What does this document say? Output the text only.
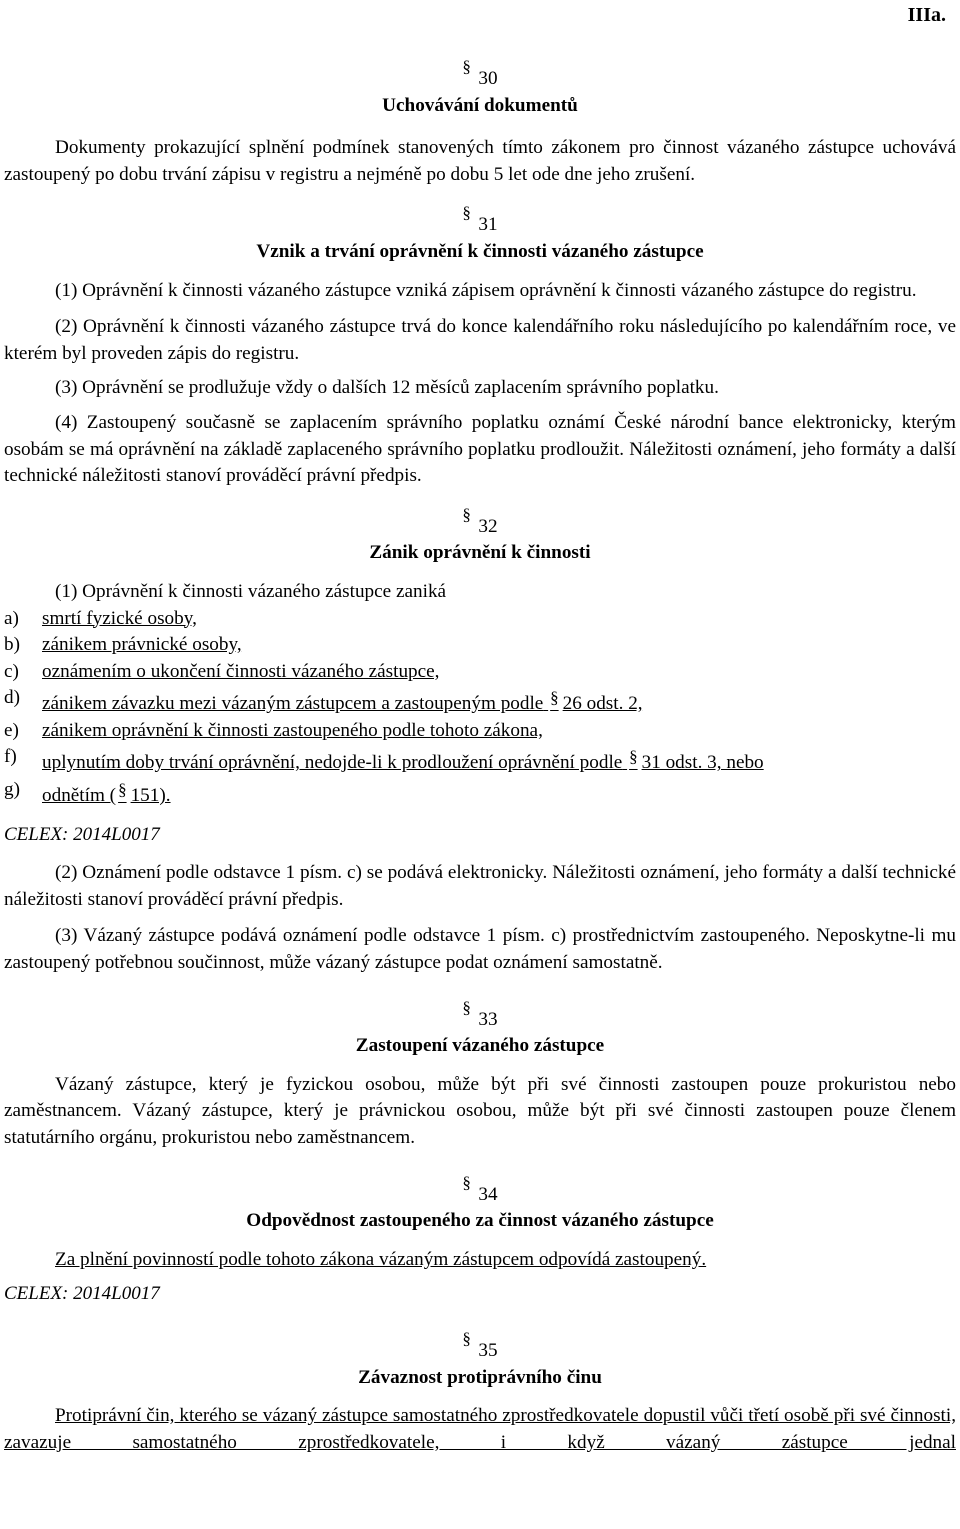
IIIa.
§ 30
Uchovávání dokumentů

Dokumenty prokazující splnění podmínek stanovených tímto zákonem pro činnost vázaného zástupce uchovává zastoupený po dobu trvání zápisu v registru a nejméně po dobu 5 let ode dne jeho zrušení.

§ 31
Vznik a trvání oprávnění k činnosti vázaného zástupce

(1) Oprávnění k činnosti vázaného zástupce vzniká zápisem oprávnění k činnosti vázaného zástupce do registru.

(2) Oprávnění k činnosti vázaného zástupce trvá do konce kalendářního roku následujícího po kalendářním roce, ve kterém byl proveden zápis do registru.

(3) Oprávnění se prodlužuje vždy o dalších 12 měsíců zaplacením správního poplatku.

(4) Zastoupený současně se zaplacením správního poplatku oznámí České národní bance elektronicky, kterým osobám se má oprávnění na základě zaplaceného správního poplatku prodloužit. Náležitosti oznámení, jeho formáty a další technické náležitosti stanoví prováděcí právní předpis.

§ 32
Zánik oprávnění k činnosti

(1) Oprávnění k činnosti vázaného zástupce zaniká

a) smrtí fyzické osoby,
b) zánikem právnické osoby,
c) oznámením o ukončení činnosti vázaného zástupce,
d) zánikem závazku mezi vázaným zástupcem a zastoupeným podle § 26 odst. 2,
e) zánikem oprávnění k činnosti zastoupeného podle tohoto zákona,
f) uplynutím doby trvání oprávnění, nedojde-li k prodloužení oprávnění podle § 31 odst. 3, nebo
g) odnětím ( § 151).

CELEX: 2014L0017

(2) Oznámení podle odstavce 1 písm. c) se podává elektronicky. Náležitosti oznámení, jeho formáty a další technické náležitosti stanoví prováděcí právní předpis.

(3) Vázaný zástupce podává oznámení podle odstavce 1 písm. c) prostřednictvím zastoupeného. Neposkytne-li mu zastoupený potřebnou součinnost, může vázaný zástupce podat oznámení samostatně.

§ 33
Zastoupení vázaného zástupce

Vázaný zástupce, který je fyzickou osobou, může být při své činnosti zastoupen pouze prokuristou nebo zaměstnancem. Vázaný zástupce, který je právnickou osobou, může být při své činnosti zastoupen pouze členem statutárního orgánu, prokuristou nebo zaměstnancem.

§ 34
Odpovědnost zastoupeného za činnost vázaného zástupce

Za plnění povinností podle tohoto zákona vázaným zástupcem odpovídá zastoupený.

CELEX: 2014L0017

§ 35
Závaznost protiprávního činu

Protiprávní čin, kterého se vázaný zástupce samostatného zprostředkovatele dopustil vůči třetí osobě při své činnosti, zavazuje samostatného zprostředkovatele, i když vázaný zástupce jednal
